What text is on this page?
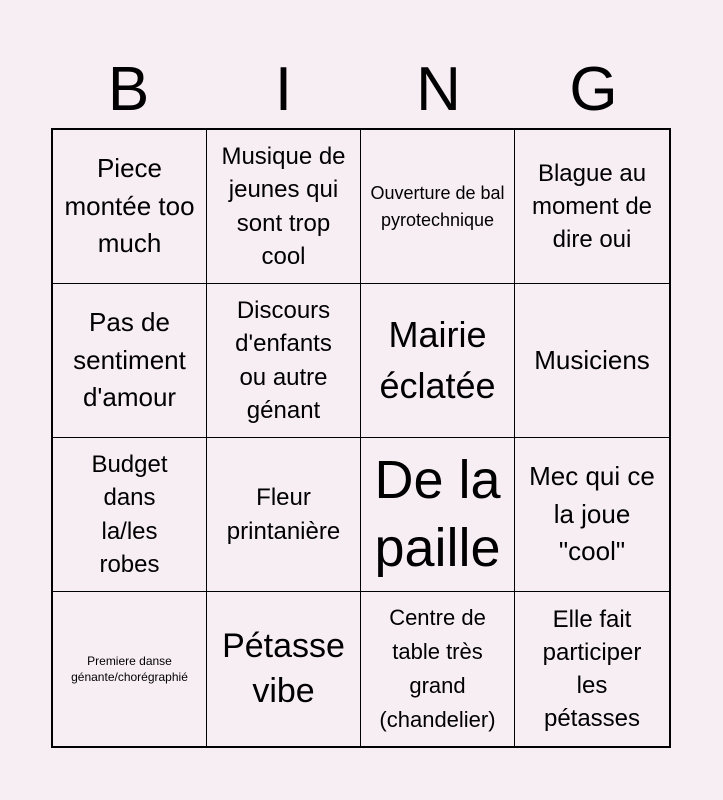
B	I	N	G
Piece montée too much
Musique de jeunes qui sont trop cool
Ouverture de bal pyrotechnique
Blague au moment de dire oui
Pas de sentiment d'amour
Discours d'enfants ou autre génant
Mairie éclatée
Musiciens
Budget dans la/les robes
Fleur printanière
De la paille
Mec qui ce la joue "cool"
Premiere danse génante/chorégraphié
Pétasse vibe
Centre de table très grand (chandelier)
Elle fait participer les pétasses
